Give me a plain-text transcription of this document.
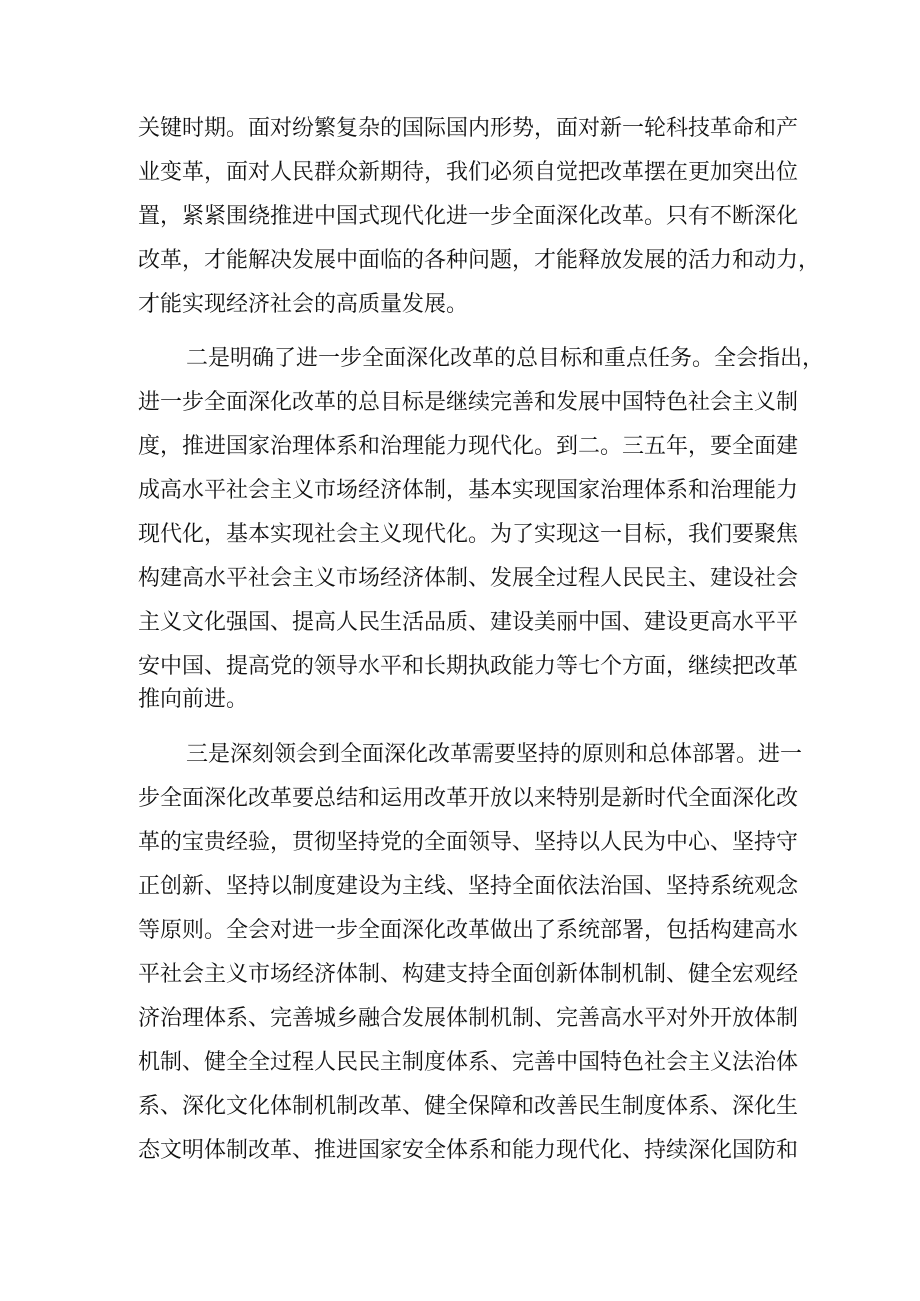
关键时期。面对纷繁复杂的国际国内形势，面对新一轮科技革命和产
业变革，面对人民群众新期待，我们必须自觉把改革摆在更加突出位
置，紧紧围绕推进中国式现代化进一步全面深化改革。只有不断深化
改革，才能解决发展中面临的各种问题，才能释放发展的活力和动力，
才能实现经济社会的高质量发展。
二是明确了进一步全面深化改革的总目标和重点任务。全会指出，
进一步全面深化改革的总目标是继续完善和发展中国特色社会主义制
度，推进国家治理体系和治理能力现代化。到二。三五年，要全面建
成高水平社会主义市场经济体制，基本实现国家治理体系和治理能力
现代化，基本实现社会主义现代化。为了实现这一目标，我们要聚焦
构建高水平社会主义市场经济体制、发展全过程人民民主、建设社会
主义文化强国、提高人民生活品质、建设美丽中国、建设更高水平平
安中国、提高党的领导水平和长期执政能力等七个方面，继续把改革
推向前进。
三是深刻领会到全面深化改革需要坚持的原则和总体部署。进一
步全面深化改革要总结和运用改革开放以来特别是新时代全面深化改
革的宝贵经验，贯彻坚持党的全面领导、坚持以人民为中心、坚持守
正创新、坚持以制度建设为主线、坚持全面依法治国、坚持系统观念
等原则。全会对进一步全面深化改革做出了系统部署，包括构建高水
平社会主义市场经济体制、构建支持全面创新体制机制、健全宏观经
济治理体系、完善城乡融合发展体制机制、完善高水平对外开放体制
机制、健全全过程人民民主制度体系、完善中国特色社会主义法治体
系、深化文化体制机制改革、健全保障和改善民生制度体系、深化生
态文明体制改革、推进国家安全体系和能力现代化、持续深化国防和
